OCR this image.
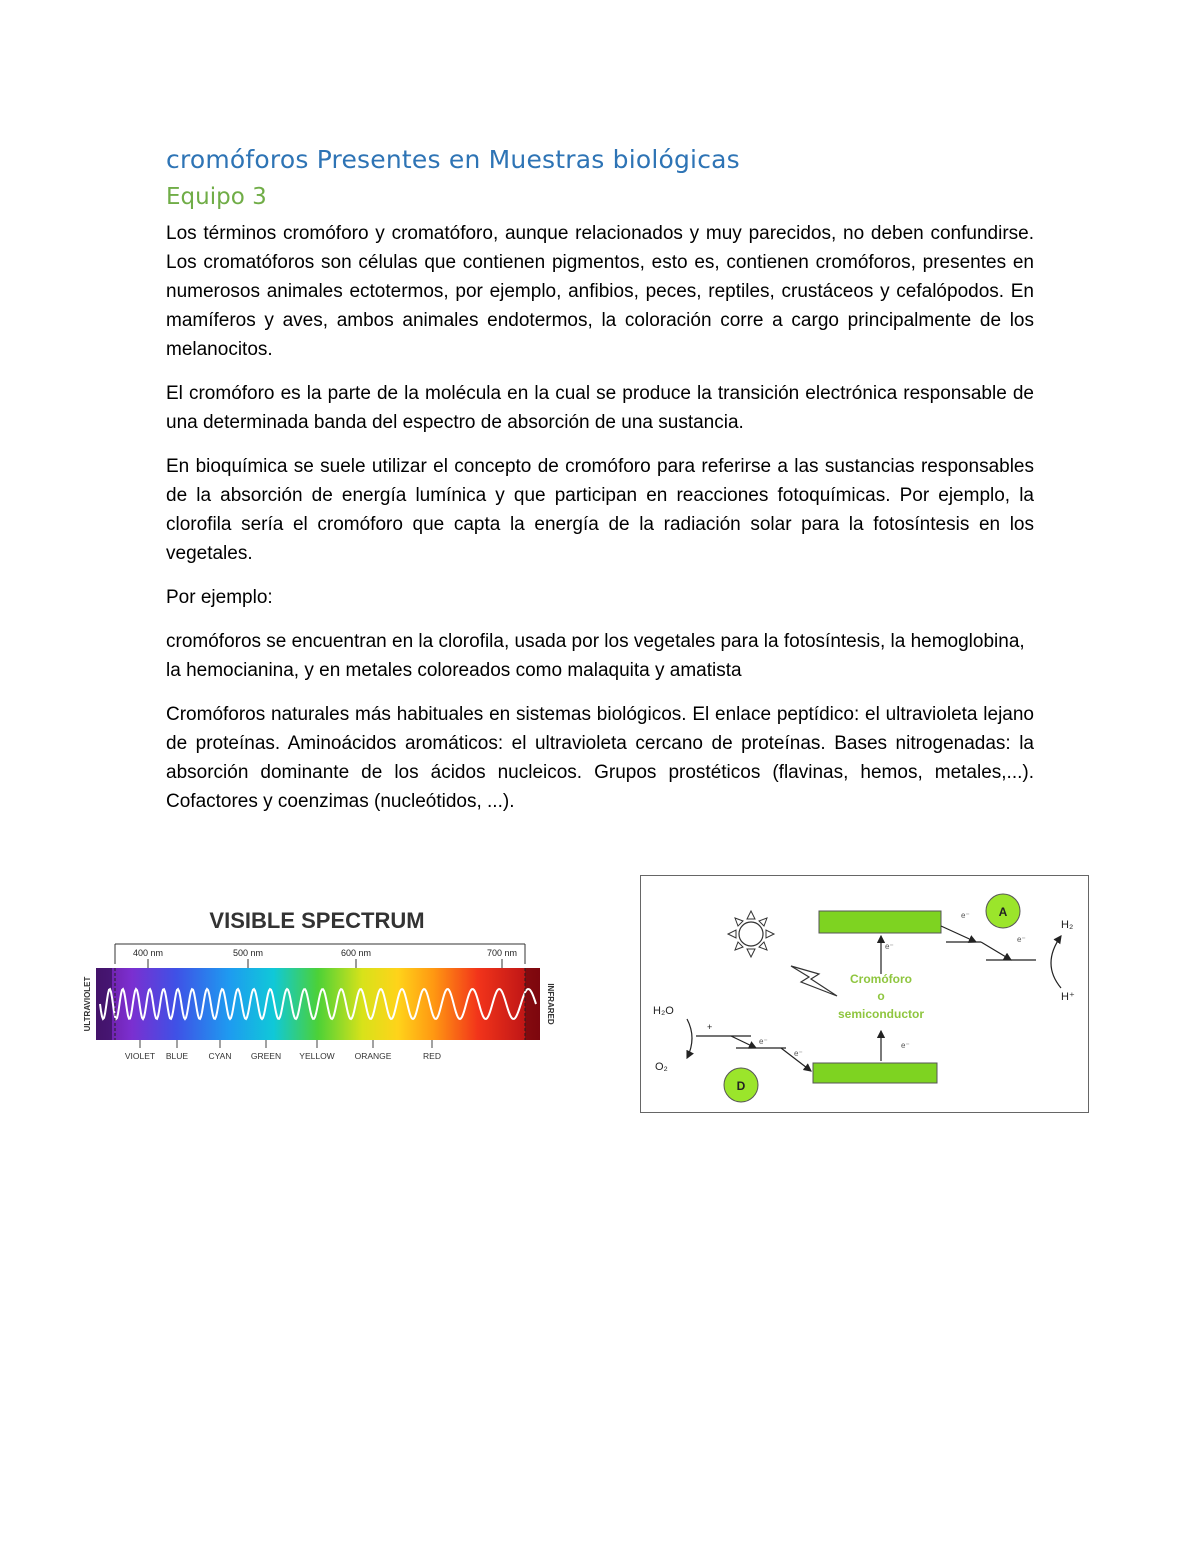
cromóforos Presentes en Muestras biológicas
Equipo 3

Los términos cromóforo y cromatóforo, aunque relacionados y muy parecidos, no deben confundirse. Los cromatóforos son células que contienen pigmentos, esto es, contienen cromóforos, presentes en numerosos animales ectotermos, por ejemplo, anfibios, peces, reptiles, crustáceos y cefalópodos. En mamíferos y aves, ambos animales endotermos, la coloración corre a cargo principalmente de los melanocitos.

El cromóforo es la parte de la molécula en la cual se produce la transición electrónica responsable de una determinada banda del espectro de absorción de una sustancia.

En bioquímica se suele utilizar el concepto de cromóforo para referirse a las sustancias responsables de la absorción de energía lumínica y que participan en reacciones fotoquímicas. Por ejemplo, la clorofila sería el cromóforo que capta la energía de la radiación solar para la fotosíntesis en los vegetales.

Por ejemplo:

cromóforos se encuentran en la clorofila, usada por los vegetales para la fotosíntesis, la hemoglobina, la hemocianina, y en metales coloreados como malaquita y amatista

Cromóforos naturales más habituales en sistemas biológicos. El enlace peptídico: el ultravioleta lejano de proteínas. Aminoácidos aromáticos: el ultravioleta cercano de proteínas. Bases nitrogenadas: la absorción dominante de los ácidos nucleicos. Grupos prostéticos (flavinas, hemos, metales,...). Cofactores y coenzimas (nucleótidos, ...).

VISIBLE SPECTRUM
400 nm	500 nm	600 nm	700 nm
ULTRAVIOLET	INFRARED
VIOLET BLUE CYAN GREEN YELLOW ORANGE	RED
e⁻
e⁻
Cromóforo
o
semiconductor
A
D
e⁻
e⁻
H₂
H⁺
+
e⁻
e⁻
H₂O
O₂
